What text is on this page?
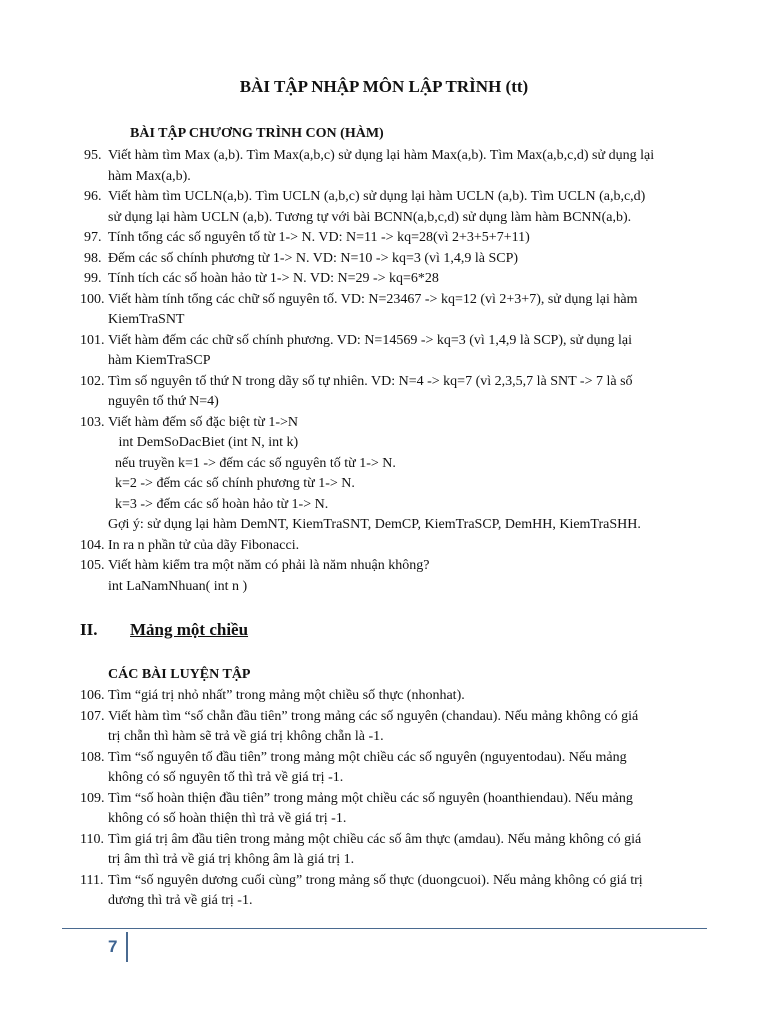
BÀI TẬP NHẬP MÔN LẬP TRÌNH (tt)
BÀI TẬP CHƯƠNG TRÌNH CON (HÀM)
95. Viết hàm tìm Max (a,b). Tìm Max(a,b,c) sử dụng lại hàm Max(a,b). Tìm Max(a,b,c,d) sử dụng lại
hàm Max(a,b).
96. Viết hàm tìm UCLN(a,b). Tìm UCLN (a,b,c) sử dụng lại hàm UCLN (a,b). Tìm UCLN (a,b,c,d)
sử dụng lại hàm UCLN (a,b). Tương tự với bài BCNN(a,b,c,d) sử dụng làm hàm BCNN(a,b).
97. Tính tổng các số nguyên tố từ 1-> N. VD: N=11 -> kq=28(vì 2+3+5+7+11)
98. Đếm các số chính phương từ 1-> N. VD: N=10 -> kq=3 (vì 1,4,9 là SCP)
99. Tính tích các số hoàn hảo từ 1-> N. VD: N=29 -> kq=6*28
100. Viết hàm tính tổng các chữ số nguyên tố. VD: N=23467 -> kq=12 (vì 2+3+7), sử dụng lại hàm
KiemTraSNT
101. Viết hàm đếm các chữ số chính phương. VD: N=14569 -> kq=3 (vì 1,4,9 là SCP), sử dụng lại
hàm KiemTraSCP
102. Tìm số nguyên tố thứ N trong dãy số tự nhiên. VD: N=4 -> kq=7 (vì 2,3,5,7 là SNT -> 7 là số
nguyên tố thứ N=4)
103. Viết hàm đếm số đặc biệt từ 1->N
int DemSoDacBiet (int N, int k)
nếu truyền k=1 -> đếm các số nguyên tố từ 1-> N.
k=2 -> đếm các số chính phương từ 1-> N.
k=3 -> đếm các số hoàn hảo từ 1-> N.
Gợi ý: sử dụng lại hàm DemNT, KiemTraSNT, DemCP, KiemTraSCP, DemHH, KiemTraSHH.
104. In ra n phần tử của dãy Fibonacci.
105. Viết hàm kiểm tra một năm có phải là năm nhuận không?
int LaNamNhuan( int n )
II. Mảng một chiều
CÁC BÀI LUYỆN TẬP
106. Tìm “giá trị nhỏ nhất” trong mảng một chiều số thực (nhonhat).
107. Viết hàm tìm “số chẵn đầu tiên” trong mảng các số nguyên (chandau). Nếu mảng không có giá
trị chẵn thì hàm sẽ trả về giá trị không chẵn là -1.
108. Tìm “số nguyên tố đầu tiên” trong mảng một chiều các số nguyên (nguyentodau). Nếu mảng
không có số nguyên tố thì trả về giá trị -1.
109. Tìm “số hoàn thiện đầu tiên” trong mảng một chiều các số nguyên (hoanthiendau). Nếu mảng
không có số hoàn thiện thì trả về giá trị -1.
110. Tìm giá trị âm đầu tiên trong mảng một chiều các số âm thực (amdau). Nếu mảng không có giá
trị âm thì trả về giá trị không âm là giá trị 1.
111. Tìm “số nguyên dương cuối cùng” trong mảng số thực (duongcuoi). Nếu mảng không có giá trị
dương thì trả về giá trị -1.
7
